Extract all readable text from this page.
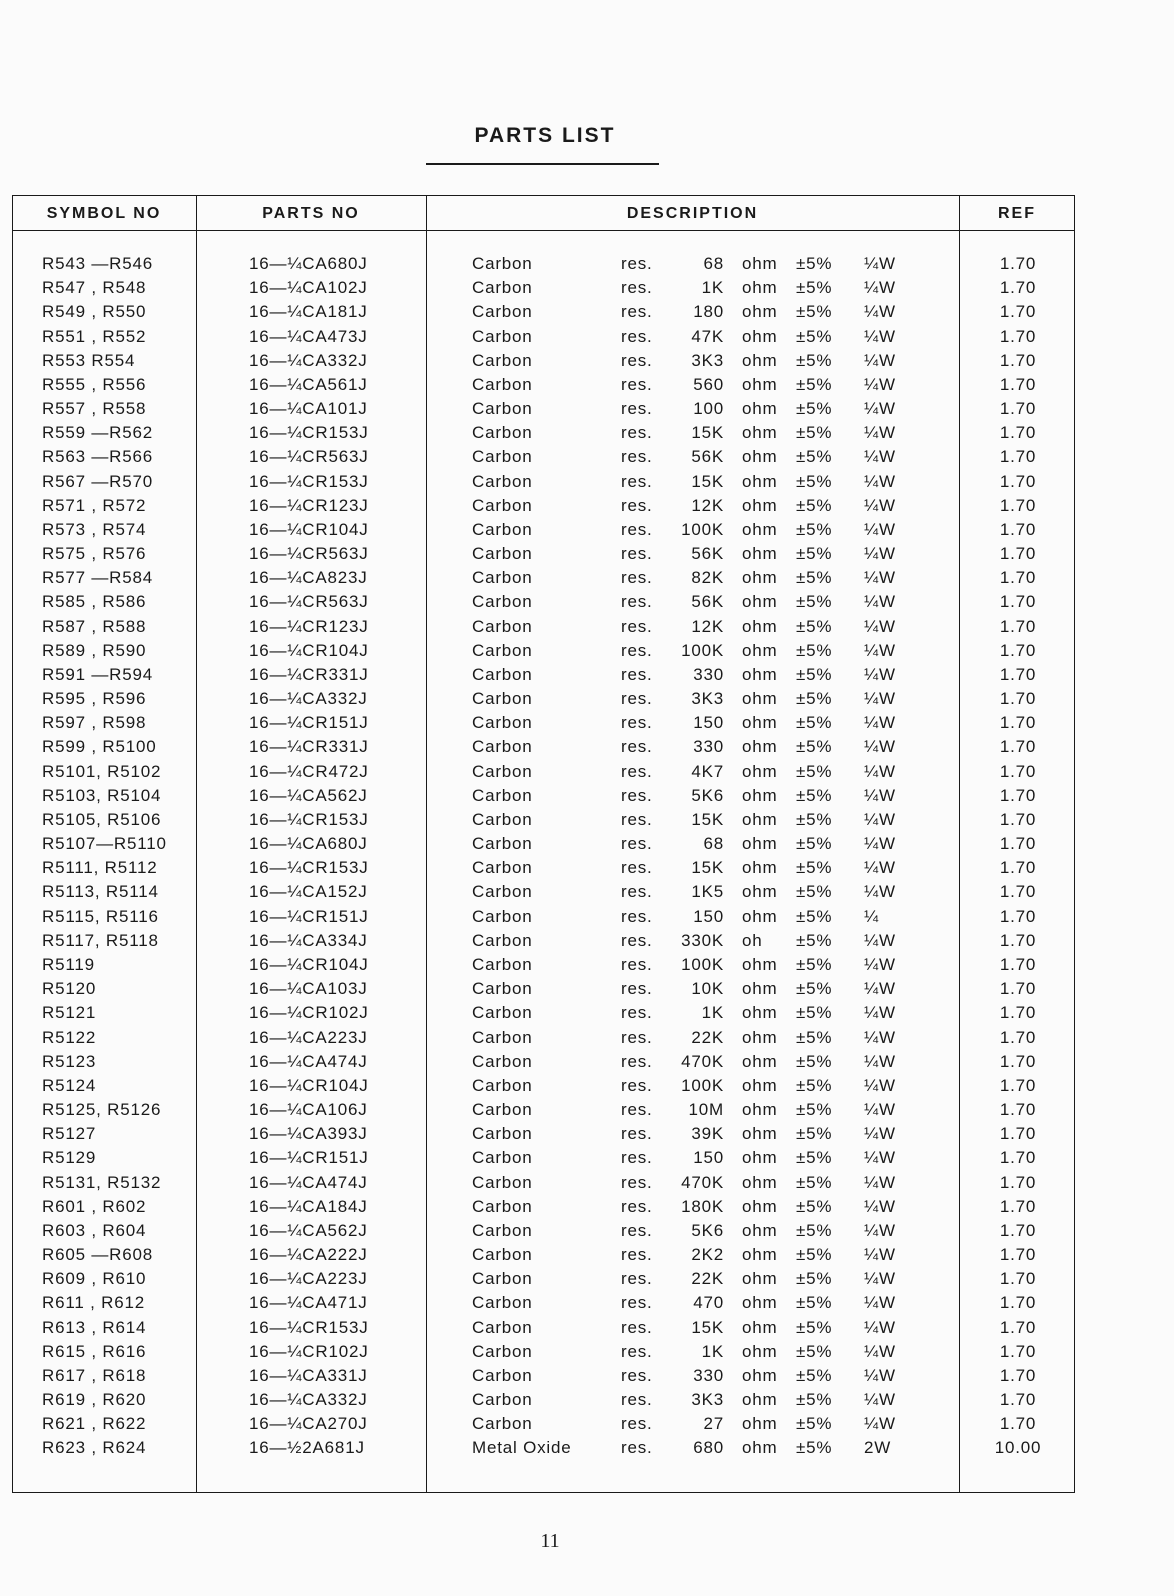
PARTS LIST
SYMBOL NO	PARTS NO	DESCRIPTION	REF
R543 —R546	16—¼CA680J	Carbon	res.	68 ohm ±5% ¼W	1.70
R547 , R548	16—¼CA102J	Carbon	res.	1K ohm ±5% ¼W	1.70
R549 , R550	16—¼CA181J	Carbon	res.	180 ohm ±5% ¼W	1.70
R551 , R552	16—¼CA473J	Carbon	res.	47K ohm ±5% ¼W	1.70
R553 R554	16—¼CA332J	Carbon	res.	3K3 ohm ±5% ¼W	1.70
R555 , R556	16—¼CA561J	Carbon	res.	560 ohm ±5% ¼W	1.70
R557 , R558	16—¼CA101J	Carbon	res.	100 ohm ±5% ¼W	1.70
R559 —R562	16—¼CR153J	Carbon	res.	15K ohm ±5% ¼W	1.70
R563 —R566	16—¼CR563J	Carbon	res.	56K ohm ±5% ¼W	1.70
R567 —R570	16—¼CR153J	Carbon	res.	15K ohm ±5% ¼W	1.70
R571 , R572	16—¼CR123J	Carbon	res.	12K ohm ±5% ¼W	1.70
R573 , R574	16—¼CR104J	Carbon	res.	100K ohm ±5% ¼W	1.70
R575 , R576	16—¼CR563J	Carbon	res.	56K ohm ±5% ¼W	1.70
R577 —R584	16—¼CA823J	Carbon	res.	82K ohm ±5% ¼W	1.70
R585 , R586	16—¼CR563J	Carbon	res.	56K ohm ±5% ¼W	1.70
R587 , R588	16—¼CR123J	Carbon	res.	12K ohm ±5% ¼W	1.70
R589 , R590	16—¼CR104J	Carbon	res.	100K ohm ±5% ¼W	1.70
R591 —R594	16—¼CR331J	Carbon	res.	330 ohm ±5% ¼W	1.70
R595 , R596	16—¼CA332J	Carbon	res.	3K3 ohm ±5% ¼W	1.70
R597 , R598	16—¼CR151J	Carbon	res.	150 ohm ±5% ¼W	1.70
R599 , R5100	16—¼CR331J	Carbon	res.	330 ohm ±5% ¼W	1.70
R5101, R5102	16—¼CR472J	Carbon	res.	4K7 ohm ±5% ¼W	1.70
R5103, R5104	16—¼CA562J	Carbon	res.	5K6 ohm ±5% ¼W	1.70
R5105, R5106	16—¼CR153J	Carbon	res.	15K ohm ±5% ¼W	1.70
R5107—R5110	16—¼CA680J	Carbon	res.	68 ohm ±5% ¼W	1.70
R5111, R5112	16—¼CR153J	Carbon	res.	15K ohm ±5% ¼W	1.70
R5113, R5114	16—¼CA152J	Carbon	res.	1K5 ohm ±5% ¼W	1.70
R5115, R5116	16—¼CR151J	Carbon	res.	150 ohm ±5% ¼	1.70
R5117, R5118	16—¼CA334J	Carbon	res.	330K oh ±5% ¼W	1.70
R5119	16—¼CR104J	Carbon	res.	100K ohm ±5% ¼W	1.70
R5120	16—¼CA103J	Carbon	res.	10K ohm ±5% ¼W	1.70
R5121	16—¼CR102J	Carbon	res.	1K ohm ±5% ¼W	1.70
R5122	16—¼CA223J	Carbon	res.	22K ohm ±5% ¼W	1.70
R5123	16—¼CA474J	Carbon	res.	470K ohm ±5% ¼W	1.70
R5124	16—¼CR104J	Carbon	res.	100K ohm ±5% ¼W	1.70
R5125, R5126	16—¼CA106J	Carbon	res.	10M ohm ±5% ¼W	1.70
R5127	16—¼CA393J	Carbon	res.	39K ohm ±5% ¼W	1.70
R5129	16—¼CR151J	Carbon	res.	150 ohm ±5% ¼W	1.70
R5131, R5132	16—¼CA474J	Carbon	res.	470K ohm ±5% ¼W	1.70
R601 , R602	16—¼CA184J	Carbon	res.	180K ohm ±5% ¼W	1.70
R603 , R604	16—¼CA562J	Carbon	res.	5K6 ohm ±5% ¼W	1.70
R605 —R608	16—¼CA222J	Carbon	res.	2K2 ohm ±5% ¼W	1.70
R609 , R610	16—¼CA223J	Carbon	res.	22K ohm ±5% ¼W	1.70
R611 , R612	16—¼CA471J	Carbon	res.	470 ohm ±5% ¼W	1.70
R613 , R614	16—¼CR153J	Carbon	res.	15K ohm ±5% ¼W	1.70
R615 , R616	16—¼CR102J	Carbon	res.	1K ohm ±5% ¼W	1.70
R617 , R618	16—¼CA331J	Carbon	res.	330 ohm ±5% ¼W	1.70
R619 , R620	16—¼CA332J	Carbon	res.	3K3 ohm ±5% ¼W	1.70
R621 , R622	16—¼CA270J	Carbon	res.	27 ohm ±5% ¼W	1.70
R623 , R624	16—½2A681J	Metal Oxide	res.	680 ohm ±5% 2W	10.00
11
